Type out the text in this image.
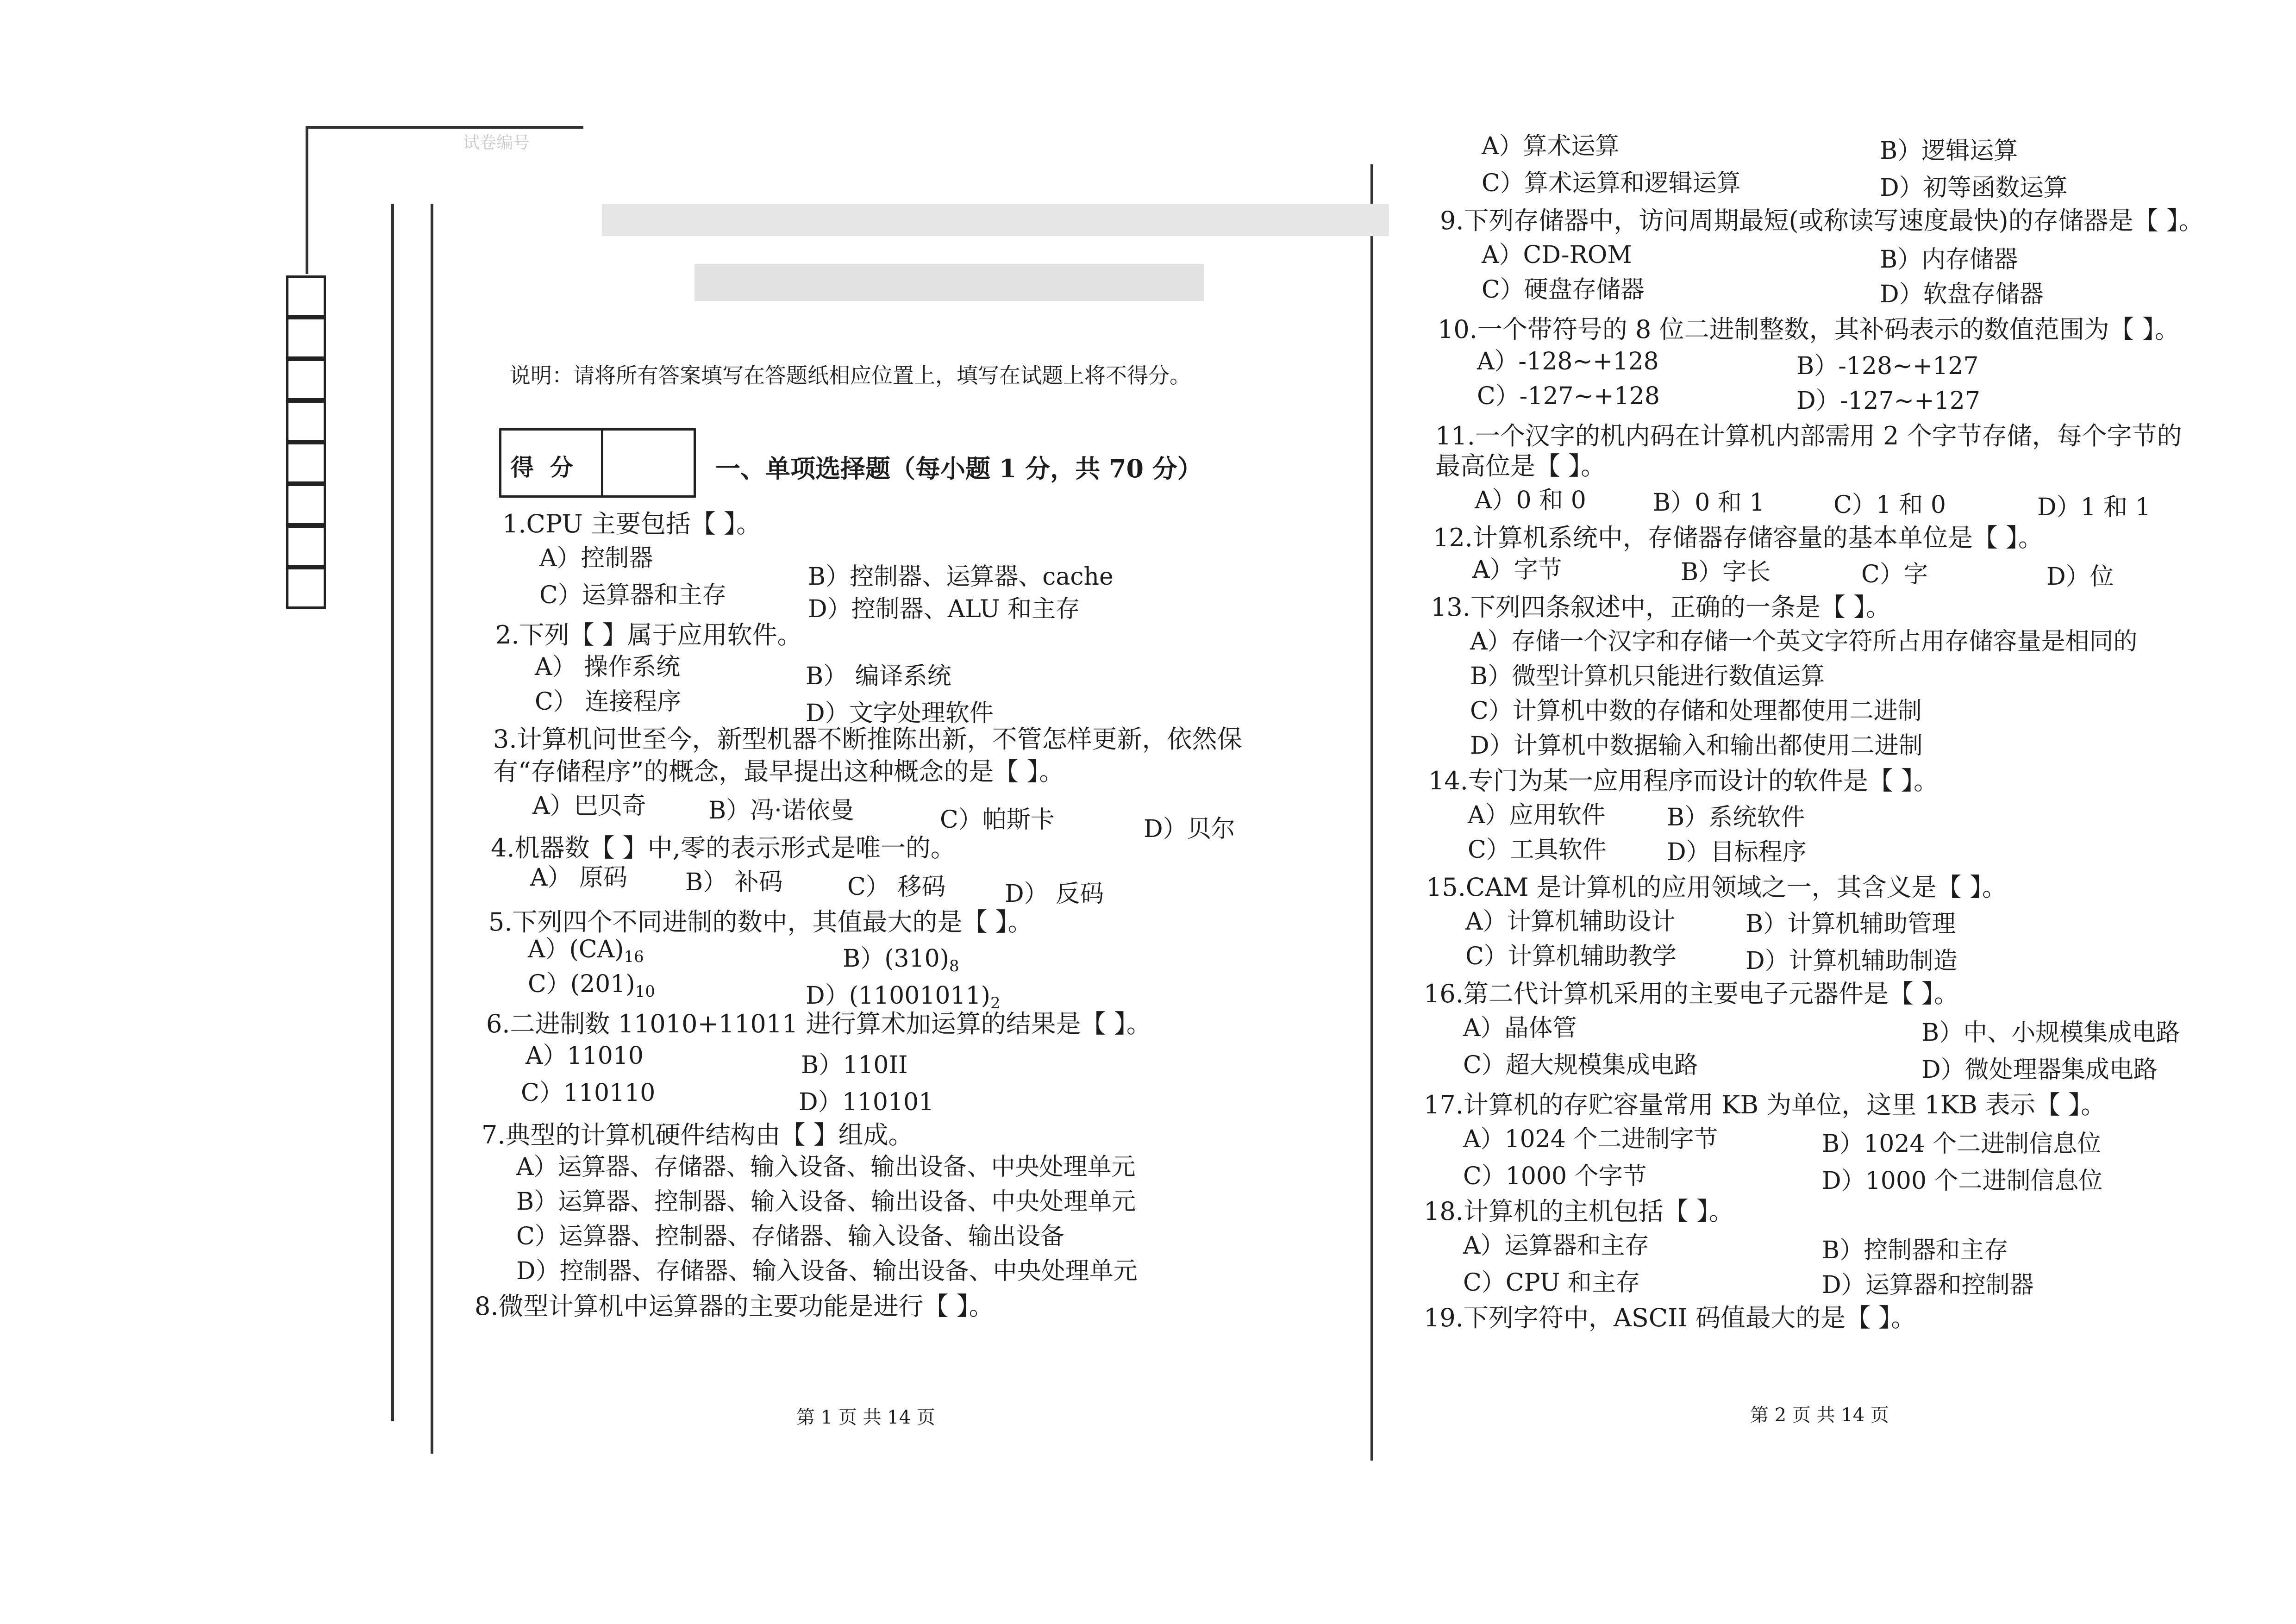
试卷编号
说明：请将所有答案填写在答题纸相应位置上，填写在试题上将不得分。
得  分	一、单项选择题（每小题 1 分，共 70 分）
1.CPU 主要包括【 】。
A）控制器
B）控制器、运算器、cache
C）运算器和主存	D）控制器、ALU 和主存
2.下列【 】属于应用软件。
A） 操作系统	B） 编译系统
C） 连接程序	D）文字处理软件
3.计算机问世至今，新型机器不断推陈出新，不管怎样更新，依然保
有“存储程序”的概念，最早提出这种概念的是【 】。
A）巴贝奇	B）冯·诺依曼	C）帕斯卡	D）贝尔
4.机器数【 】中,零的表示形式是唯一的。
A） 原码 B） 补码	C） 移码 D） 反码
5.下列四个不同进制的数中，其值最大的是【 】。
$A)(CA)_{16}$	$B)(310)_8$
$C)(201)_{10}$	$D)(11001011)_2$
6.二进制数 11010+11011 进行算术加运算的结果是【 】。
A）11010	B）110II
C）110110	D）110101
7.典型的计算机硬件结构由【 】组成。
A）运算器、存储器、输入设备、输出设备、中央处理单元
B）运算器、控制器、输入设备、输出设备、中央处理单元
C）运算器、控制器、存储器、输入设备、输出设备
D）控制器、存储器、输入设备、输出设备、中央处理单元
8.微型计算机中运算器的主要功能是进行【 】。
第 1 页 共 14 页
A）算术运算	B）逻辑运算
C）算术运算和逻辑运算	D）初等函数运算
9.下列存储器中，访问周期最短(或称读写速度最快)的存储器是【 】。
A）CD-ROM	B）内存储器
C）硬盘存储器	D）软盘存储器
10.一个带符号的 8 位二进制整数，其补码表示的数值范围为【 】。
A）-128~+128	B）-128~+127
C）-127~+128	D）-127~+127
11.一个汉字的机内码在计算机内部需用 2 个字节存储，每个字节的
最高位是【 】。
A）0 和 0	B）0 和 1	C）1 和 0	D）1 和 1
12.计算机系统中，存储器存储容量的基本单位是【 】。
A）字节	B）字长	C）字	D）位
13.下列四条叙述中，正确的一条是【 】。
A）存储一个汉字和存储一个英文字符所占用存储容量是相同的
B）微型计算机只能进行数值运算
C）计算机中数的存储和处理都使用二进制
D）计算机中数据输入和输出都使用二进制
14.专门为某一应用程序而设计的软件是【 】。
A）应用软件	B）系统软件
C）工具软件	D）目标程序
15.CAM 是计算机的应用领域之一，其含义是【 】。
A）计算机辅助设计	B）计算机辅助管理
C）计算机辅助教学	D）计算机辅助制造
16.第二代计算机采用的主要电子元器件是【 】。
A）晶体管	B）中、小规模集成电路
C）超大规模集成电路	D）微处理器集成电路
17.计算机的存贮容量常用 KB 为单位，这里 1KB 表示【 】。
A）1024 个二进制字节	B）1024 个二进制信息位
C）1000 个字节	D）1000 个二进制信息位
18.计算机的主机包括【 】。
A）运算器和主存	B）控制器和主存
C）CPU 和主存	D）运算器和控制器
19.下列字符中，ASCII 码值最大的是【 】。
第 2 页 共 14 页
